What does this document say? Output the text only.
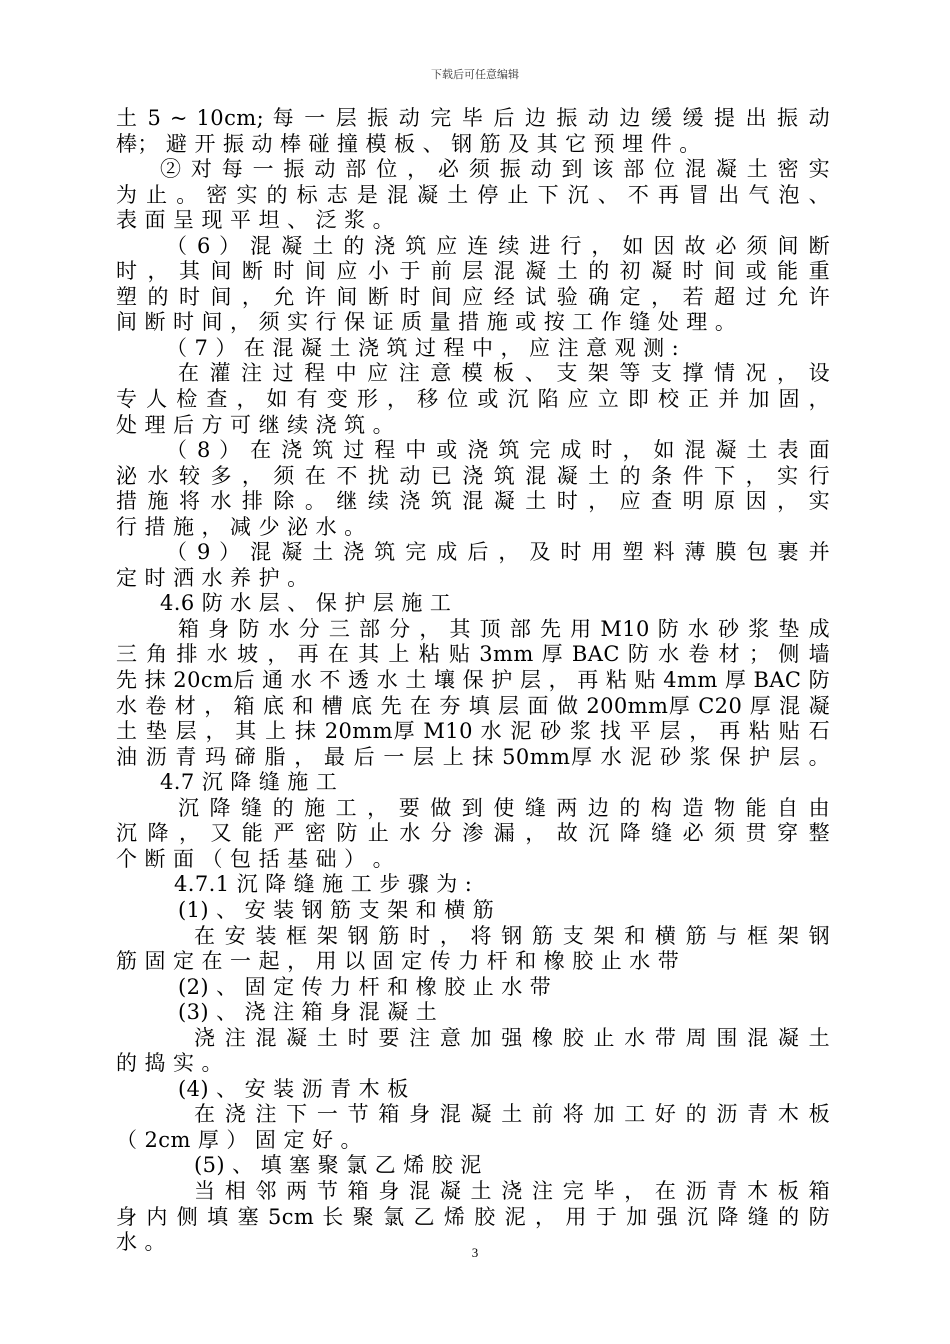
下载后可任意编辑
土 5 ~ 10cm; 每 一 层 振 动 完 毕 后 边 振 动 边 缓 缓 提 出 振 动
棒； 避 开 振 动 棒 碰 撞 模 板 、 钢 筋 及 其 它 预 埋 件 。
② 对 每 一 振 动 部 位 ， 必 须 振 动 到 该 部 位 混 凝 土 密 实
为 止 。 密 实 的 标 志 是 混 凝 土 停 止 下 沉 、 不 再 冒 出 气 泡 、
表 面 呈 现 平 坦 、 泛 浆 。
（ 6 ） 混 凝 土 的 浇 筑 应 连 续 进 行 ， 如 因 故 必 须 间 断
时 ， 其 间 断 时 间 应 小 于 前 层 混 凝 土 的 初 凝 时 间 或 能 重
塑 的 时 间 ， 允 许 间 断 时 间 应 经 试 验 确 定 ， 若 超 过 允 许
间 断 时 间 ， 须 实 行 保 证 质 量 措 施 或 按 工 作 缝 处 理 。
（ 7 ） 在 混 凝 土 浇 筑 过 程 中 ， 应 注 意 观 测 :
在 灌 注 过 程 中 应 注 意 模 板 、 支 架 等 支 撑 情 况 ， 设
专 人 检 查 ， 如 有 变 形 ， 移 位 或 沉 陷 应 立 即 校 正 并 加 固 ，
处 理 后 方 可 继 续 浇 筑 。
（ 8 ） 在 浇 筑 过 程 中 或 浇 筑 完 成 时 ， 如 混 凝 土 表 面
泌 水 较 多 ， 须 在 不 扰 动 已 浇 筑 混 凝 土 的 条 件 下 ， 实 行
措 施 将 水 排 除 。 继 续 浇 筑 混 凝 土 时 ， 应 查 明 原 因 ， 实
行 措 施 ， 减 少 泌 水 。
（ 9 ） 混 凝 土 浇 筑 完 成 后 ， 及 时 用 塑 料 薄 膜 包 裹 并
定 时 洒 水 养 护 。
4.6 防 水 层 、 保 护 层 施 工
箱 身 防 水 分 三 部 分 ， 其 顶 部 先 用 M10 防 水 砂 浆 垫 成
三 角 排 水 坡 ， 再 在 其 上 粘 贴 3mm 厚 BAC 防 水 卷 材 ； 侧 墙
先 抹 20cm后 通 水 不 透 水 土 壤 保 护 层 ， 再 粘 贴 4mm 厚 BAC 防
水 卷 材 ， 箱 底 和 槽 底 先 在 夯 填 层 面 做 200mm厚 C20 厚 混 凝
土 垫 层 ， 其 上 抹 20mm厚 M10 水 泥 砂 浆 找 平 层 ， 再 粘 贴 石
油 沥 青 玛 碲 脂 ， 最 后 一 层 上 抹 50mm厚 水 泥 砂 浆 保 护 层 。
4.7 沉 降 缝 施 工
沉 降 缝 的 施 工 ， 要 做 到 使 缝 两 边 的 构 造 物 能 自 由
沉 降 ， 又 能 严 密 防 止 水 分 渗 漏 ， 故 沉 降 缝 必 须 贯 穿 整
个 断 面 （ 包 括 基 础 ） 。
4.7.1 沉 降 缝 施 工 步 骤 为 :
(1) 、 安 装 钢 筋 支 架 和 横 筋
在 安 装 框 架 钢 筋 时 ， 将 钢 筋 支 架 和 横 筋 与 框 架 钢
筋 固 定 在 一 起 ， 用 以 固 定 传 力 杆 和 橡 胶 止 水 带
(2) 、 固 定 传 力 杆 和 橡 胶 止 水 带
(3) 、 浇 注 箱 身 混 凝 土
浇 注 混 凝 土 时 要 注 意 加 强 橡 胶 止 水 带 周 围 混 凝 土
的 捣 实 。
(4) 、 安 装 沥 青 木 板
在 浇 注 下 一 节 箱 身 混 凝 土 前 将 加 工 好 的 沥 青 木 板
（ 2cm 厚 ） 固 定 好 。
(5) 、 填 塞 聚 氯 乙 烯 胶 泥
当 相 邻 两 节 箱 身 混 凝 土 浇 注 完 毕 ， 在 沥 青 木 板 箱
身 内 侧 填 塞 5cm 长 聚 氯 乙 烯 胶 泥 ， 用 于 加 强 沉 降 缝 的 防
水 。	3
